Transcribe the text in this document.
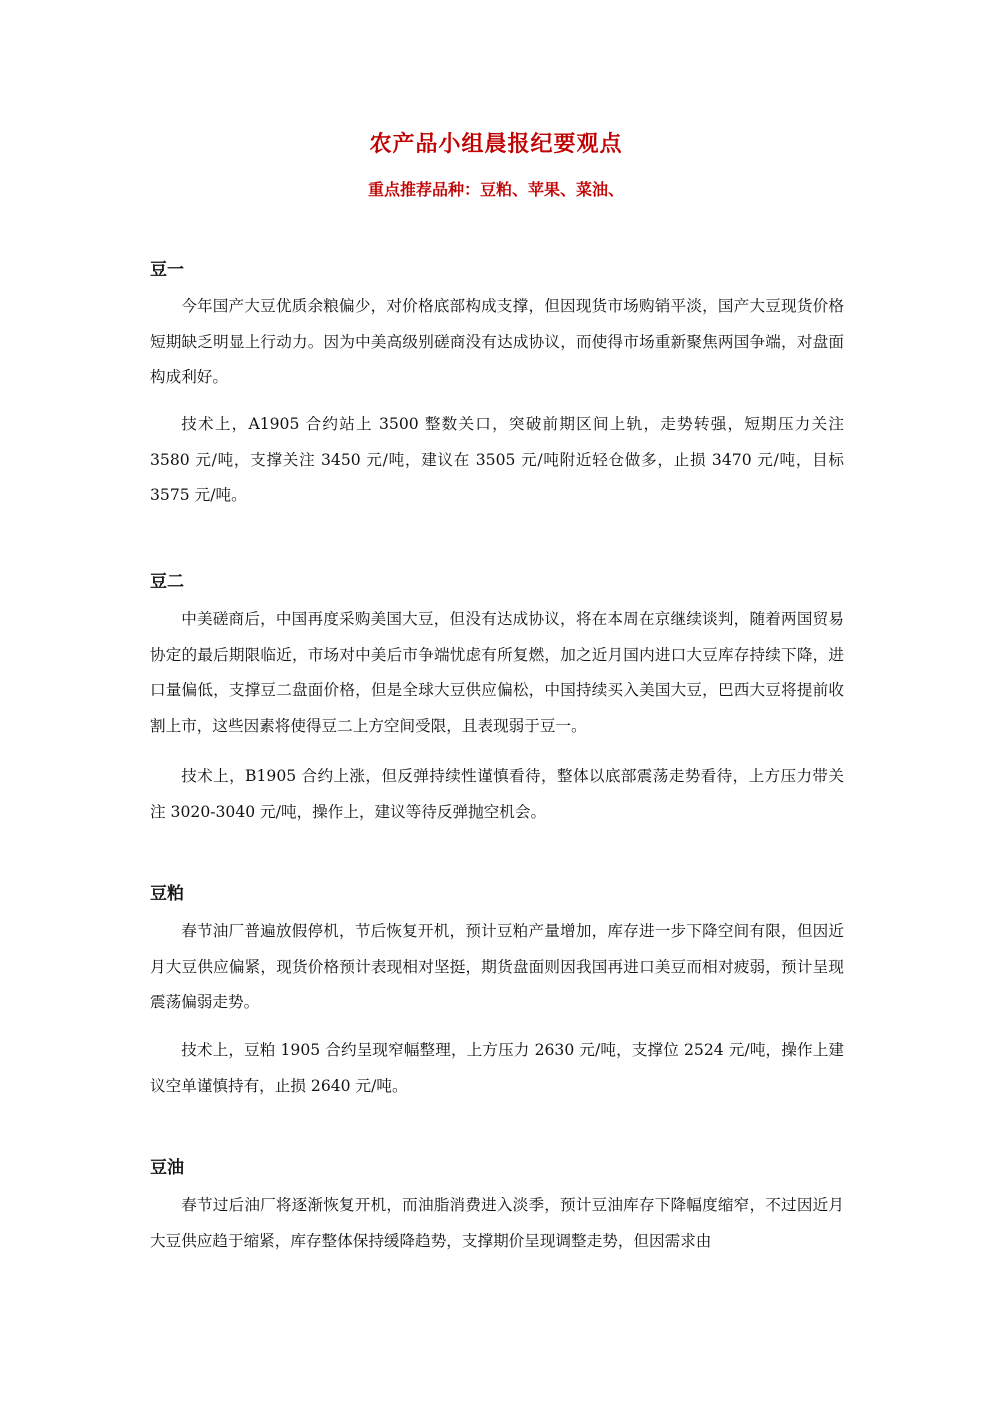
农产品小组晨报纪要观点
重点推荐品种：豆粕、苹果、菜油、
豆一

今年国产大豆优质余粮偏少，对价格底部构成支撑，但因现货市场购销平淡，国产大豆现货价格短期缺乏明显上行动力。因为中美高级别磋商没有达成协议，而使得市场重新聚焦两国争端，对盘面构成利好。

技术上，A1905 合约站上 3500 整数关口，突破前期区间上轨，走势转强，短期压力关注 3580 元/吨，支撑关注 3450 元/吨，建议在 3505 元/吨附近轻仓做多，止损 3470 元/吨，目标 3575 元/吨。

豆二

中美磋商后，中国再度采购美国大豆，但没有达成协议，将在本周在京继续谈判，随着两国贸易协定的最后期限临近，市场对中美后市争端忧虑有所复燃，加之近月国内进口大豆库存持续下降，进口量偏低，支撑豆二盘面价格，但是全球大豆供应偏松，中国持续买入美国大豆，巴西大豆将提前收割上市，这些因素将使得豆二上方空间受限，且表现弱于豆一。

技术上，B1905 合约上涨，但反弹持续性谨慎看待，整体以底部震荡走势看待，上方压力带关注 3020-3040 元/吨，操作上，建议等待反弹抛空机会。

豆粕

春节油厂普遍放假停机，节后恢复开机，预计豆粕产量增加，库存进一步下降空间有限，但因近月大豆供应偏紧，现货价格预计表现相对坚挺，期货盘面则因我国再进口美豆而相对疲弱，预计呈现震荡偏弱走势。

技术上，豆粕 1905 合约呈现窄幅整理，上方压力 2630 元/吨，支撑位 2524 元/吨，操作上建议空单谨慎持有，止损 2640 元/吨。

豆油

春节过后油厂将逐渐恢复开机，而油脂消费进入淡季，预计豆油库存下降幅度缩窄，不过因近月大豆供应趋于缩紧，库存整体保持缓降趋势，支撑期价呈现调整走势，但因需求由
